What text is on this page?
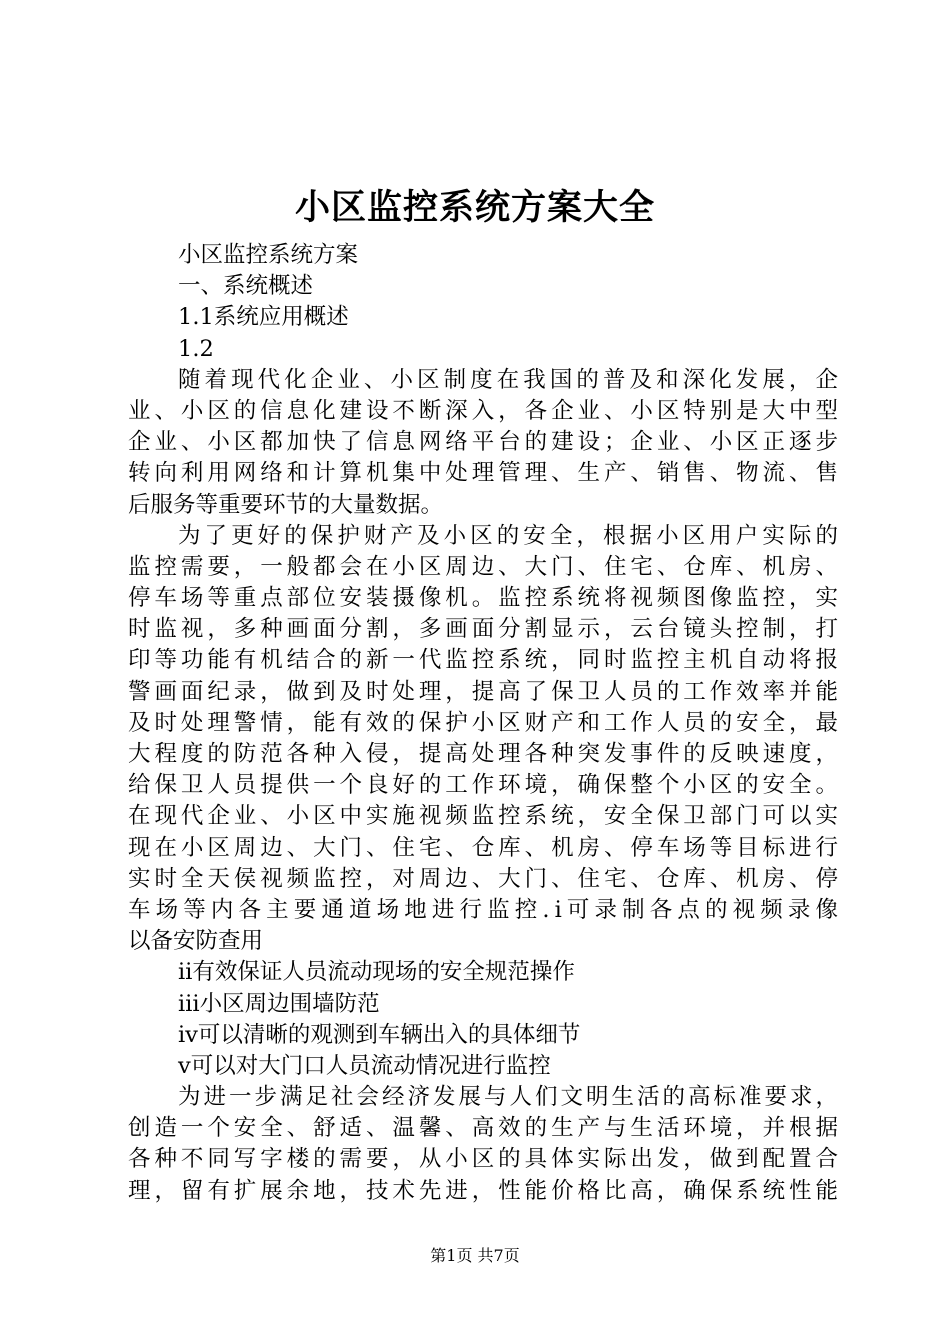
小区监控系统方案大全
小区监控系统方案
一、系统概述
1.1系统应用概述
1.2
随着现代化企业、小区制度在我国的普及和深化发展，企
业、小区的信息化建设不断深入，各企业、小区特别是大中型
企业、小区都加快了信息网络平台的建设；企业、小区正逐步
转向利用网络和计算机集中处理管理、生产、销售、物流、售
后服务等重要环节的大量数据。
为了更好的保护财产及小区的安全，根据小区用户实际的
监控需要，一般都会在小区周边、大门、住宅、仓库、机房、
停车场等重点部位安装摄像机。监控系统将视频图像监控，实
时监视，多种画面分割，多画面分割显示，云台镜头控制，打
印等功能有机结合的新一代监控系统，同时监控主机自动将报
警画面纪录，做到及时处理，提高了保卫人员的工作效率并能
及时处理警情，能有效的保护小区财产和工作人员的安全，最
大程度的防范各种入侵，提高处理各种突发事件的反映速度，
给保卫人员提供一个良好的工作环境，确保整个小区的安全。
在现代企业、小区中实施视频监控系统，安全保卫部门可以实
现在小区周边、大门、住宅、仓库、机房、停车场等目标进行
实时全天侯视频监控，对周边、大门、住宅、仓库、机房、停
车场等内各主要通道场地进行监控.ⅰ可录制各点的视频录像
以备安防查用
ⅱ有效保证人员流动现场的安全规范操作
ⅲ小区周边围墙防范
ⅳ可以清晰的观测到车辆出入的具体细节
ⅴ可以对大门口人员流动情况进行监控
为进一步满足社会经济发展与人们文明生活的高标准要求，
创造一个安全、舒适、温馨、高效的生产与生活环境，并根据
各种不同写字楼的需要，从小区的具体实际出发，做到配置合
理，留有扩展余地，技术先进，性能价格比高，确保系统性能
第1页 共7页
